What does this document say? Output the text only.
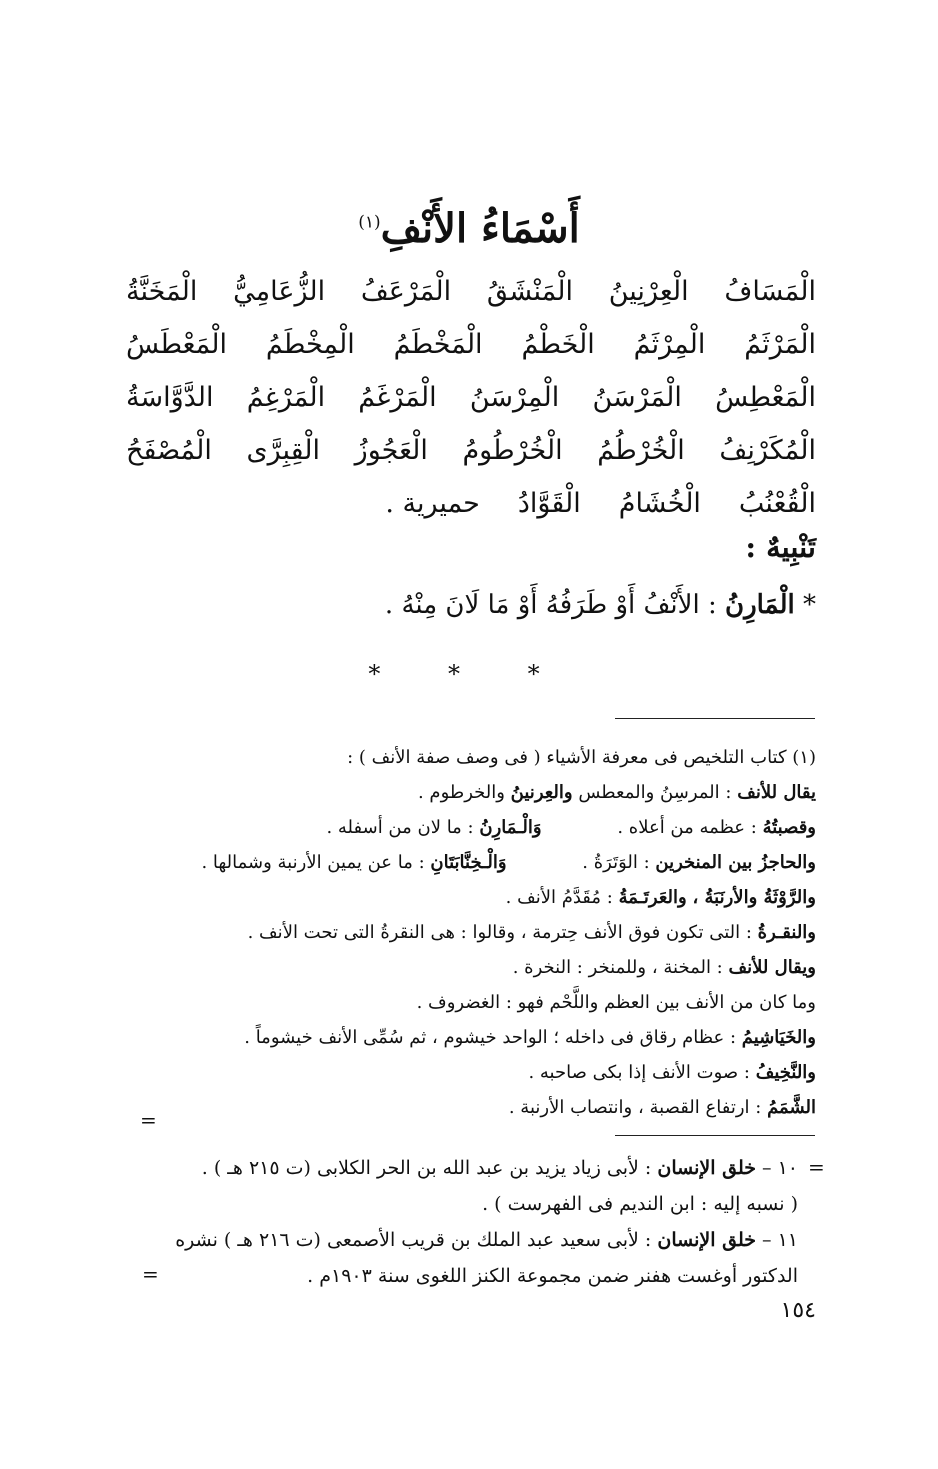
أَسْمَاءُ الأَنْفِ$^{(١)}$
الْمَسَافُ
الْعِرْنِينُ
الْمَنْشَقُ
الْمَرْعَفُ
الزُّعَامِيُّ
الْمَخَنَّةُ
الْمَرْثَمُ
الْمِرْثَمُ
الْخَطْمُ
الْمَخْطَمُ
الْمِخْطَمُ
الْمَعْطَسُ
الْمَعْطِسُ
الْمَرْسَنُ
الْمِرْسَنُ
الْمَرْغَمُ
الْمَرْغِمُ
الدَّوَّاسَةُ
الْمُكَرْنِفُ
الْخُرْطُمُ
الْخُرْطُومُ
الْعَجُوزُ
الْقِبِرَّى
الْمُصْفَحُ
الْقُعْنُبُ
الْخُشَامُ
الْقَوَّادُ
حميرية .
تَنْبِيهٌ :
* الْمَارِنُ : الأَنْفُ أَوْ طَرَفُهُ أَوْ مَا لَانَ مِنْهُ .
* * *
(١) كتاب التلخيص فى معرفة الأشياء ( فى وصف صفة الأنف ) :
يقال للأنف : المرسِنُ والمعطس والعِرنينُ والخرطوم .
وقصبتُهُ : عظمه من أعلاه . وَالْـمَارِنُ : ما لان من أسفله .
والحاجزُ بين المنخرين : الوَتَرَةُ . وَالْـخِنَّابَتَانِ : ما عن يمين الأرنبة وشمالها .
والرَّوْثَةُ والأرنَبَةُ ، والعَرتَـمَةُ : مُقَدَّمُ الأنف .
والنقـرةُ : التى تكون فوق الأنف حِترمة ، وقالوا : هى النقرةُ التى تحت الأنف .
ويقال للأنف : المخنة ، وللمنخر : النخرة .
وما كان من الأنف بين العظم واللَّحْم فهو : الغضروف .
والخَيَاشِيمُ : عظام رقاق فى داخله ؛ الواحد خيشوم ، ثم سُمِّى الأنف خيشوماً .
والنَّخِيفُ : صوت الأنف إذا بكى صاحبه .
الشَّمَمُ : ارتفاع القصبة ، وانتصاب الأرنبة .
=
=
١٠ – خلق الإنسان : لأبى زياد يزيد بن عبد الله بن الحر الكلابى (ت ٢١٥ هـ ) .
( نسبه إليه : ابن النديم فى الفهرست ) .
١١ – خلق الإنسان : لأبى سعيد عبد الملك بن قريب الأصمعى (ت ٢١٦ هـ ) نشره
الدكتور أوغست هفنر ضمن مجموعة الكنز اللغوى سنة ١٩٠٣م .
=
١٥٤
